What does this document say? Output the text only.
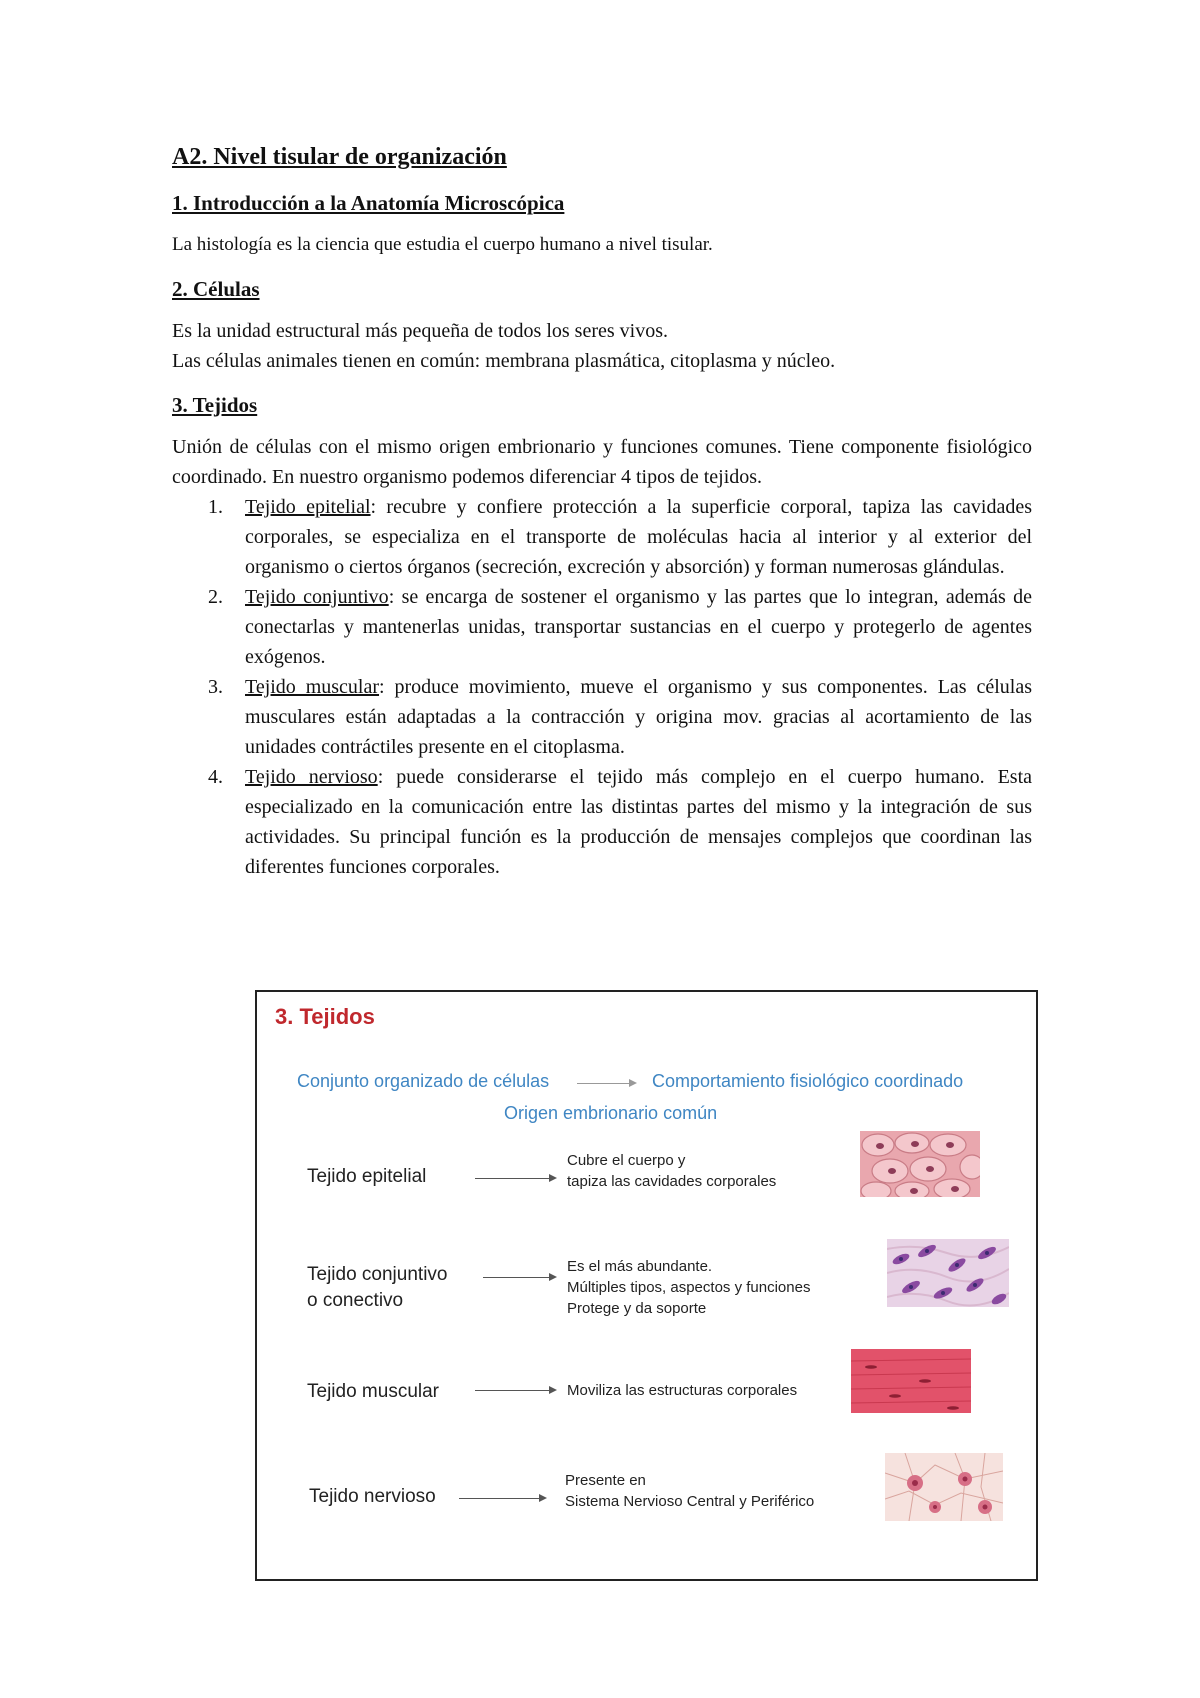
A2. Nivel tisular de organización
1. Introducción a la Anatomía Microscópica

La histología es la ciencia que estudia el cuerpo humano a nivel tisular.

2. Células

Es la unidad estructural más pequeña de todos los seres vivos.

Las células animales tienen en común: membrana plasmática, citoplasma y núcleo.

3. Tejidos

Unión de células con el mismo origen embrionario y funciones comunes. Tiene componente fisiológico coordinado. En nuestro organismo podemos diferenciar 4 tipos de tejidos.

1. Tejido epitelial: recubre y confiere protección a la superficie corporal, tapiza las cavidades corporales, se especializa en el transporte de moléculas hacia al interior y al exterior del organismo o ciertos órganos (secreción, excreción y absorción) y forman numerosas glándulas.
2. Tejido conjuntivo: se encarga de sostener el organismo y las partes que lo integran, además de conectarlas y mantenerlas unidas, transportar sustancias en el cuerpo y protegerlo de agentes exógenos.
3. Tejido muscular: produce movimiento, mueve el organismo y sus componentes. Las células musculares están adaptadas a la contracción y origina mov. gracias al acortamiento de las unidades contráctiles presente en el citoplasma.
4. Tejido nervioso: puede considerarse el tejido más complejo en el cuerpo humano. Esta especializado en la comunicación entre las distintas partes del mismo y la integración de sus actividades. Su principal función es la producción de mensajes complejos que coordinan las diferentes funciones corporales.
3. Tejidos
Conjunto organizado de células	Comportamiento fisiológico coordinado
Origen embrionario común
Tejido epitelial
Cubre el cuerpo y
tapiza las cavidades corporales
Tejido conjuntivo
o conectivo
Es el más abundante.
Múltiples tipos, aspectos y funciones
Protege y da soporte
Tejido muscular	Moviliza las estructuras corporales
Tejido nervioso
Presente en
Sistema Nervioso Central y Periférico
